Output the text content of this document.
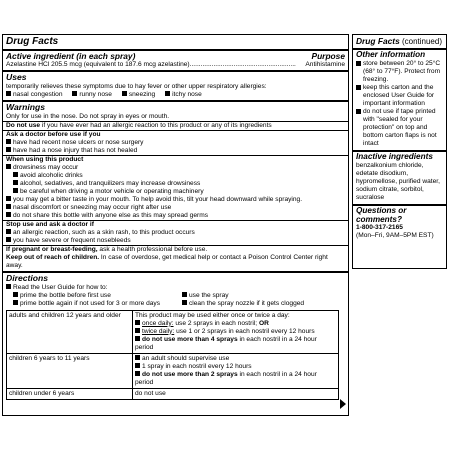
Drug Facts
Active ingredient (in each spray)	Purpose
Azelastine HCl 205.5 mcg (equivalent to 187.6 mcg azelastine) ..........................................................	Antihistamine
Uses
temporarily relieves these symptoms due to hay fever or other upper respiratory allergies:
nasal congestion	runny nose	sneezing	itchy nose
Warnings
Only for use in the nose. Do not spray in eyes or mouth.
Do not use if you have ever had an allergic reaction to this product or any of its ingredients
Ask a doctor before use if you
have had recent nose ulcers or nose surgery
have had a nose injury that has not healed
When using this product
drowsiness may occur
avoid alcoholic drinks
alcohol, sedatives, and tranquilizers may increase drowsiness
be careful when driving a motor vehicle or operating machinery
you may get a bitter taste in your mouth. To help avoid this, tilt your head downward while spraying.
nasal discomfort or sneezing may occur right after use
do not share this bottle with anyone else as this may spread germs
Stop use and ask a doctor if
an allergic reaction, such as a skin rash, to this product occurs
you have severe or frequent nosebleeds
If pregnant or breast-feeding, ask a health professional before use.
Keep out of reach of children. In case of overdose, get medical help or contact a Poison Control Center right away.
Directions
Read the User Guide for how to:
prime the bottle before first use
prime bottle again if not used for 3 or more days
use the spray
clean the spray nozzle if it gets clogged
adults and children 12 years and older	This product may be used either once or twice a day:
once daily: use 2 sprays in each nostril; OR
twice daily: use 1 or 2 sprays in each nostril every 12 hours
do not use more than 4 sprays in each nostril in a 24 hour period

children 6 years to 11 years	an adult should supervise use
1 spray in each nostril every 12 hours
do not use more than 2 sprays in each nostril in a 24 hour period

children under 6 years	do not use
Drug Facts (continued)
Other information
store between 20° to 25°C (68° to 77°F). Protect from freezing.
keep this carton and the enclosed User Guide for important information
do not use if tape printed with "sealed for your protection" on top and bottom carton flaps is not intact
Inactive ingredients
benzalkonium chloride, edetate disodium, hypromellose, purified water, sodium citrate, sorbitol, sucralose
Questions or comments?
1-800-317-2165
(Mon–Fri, 9AM–5PM EST)
